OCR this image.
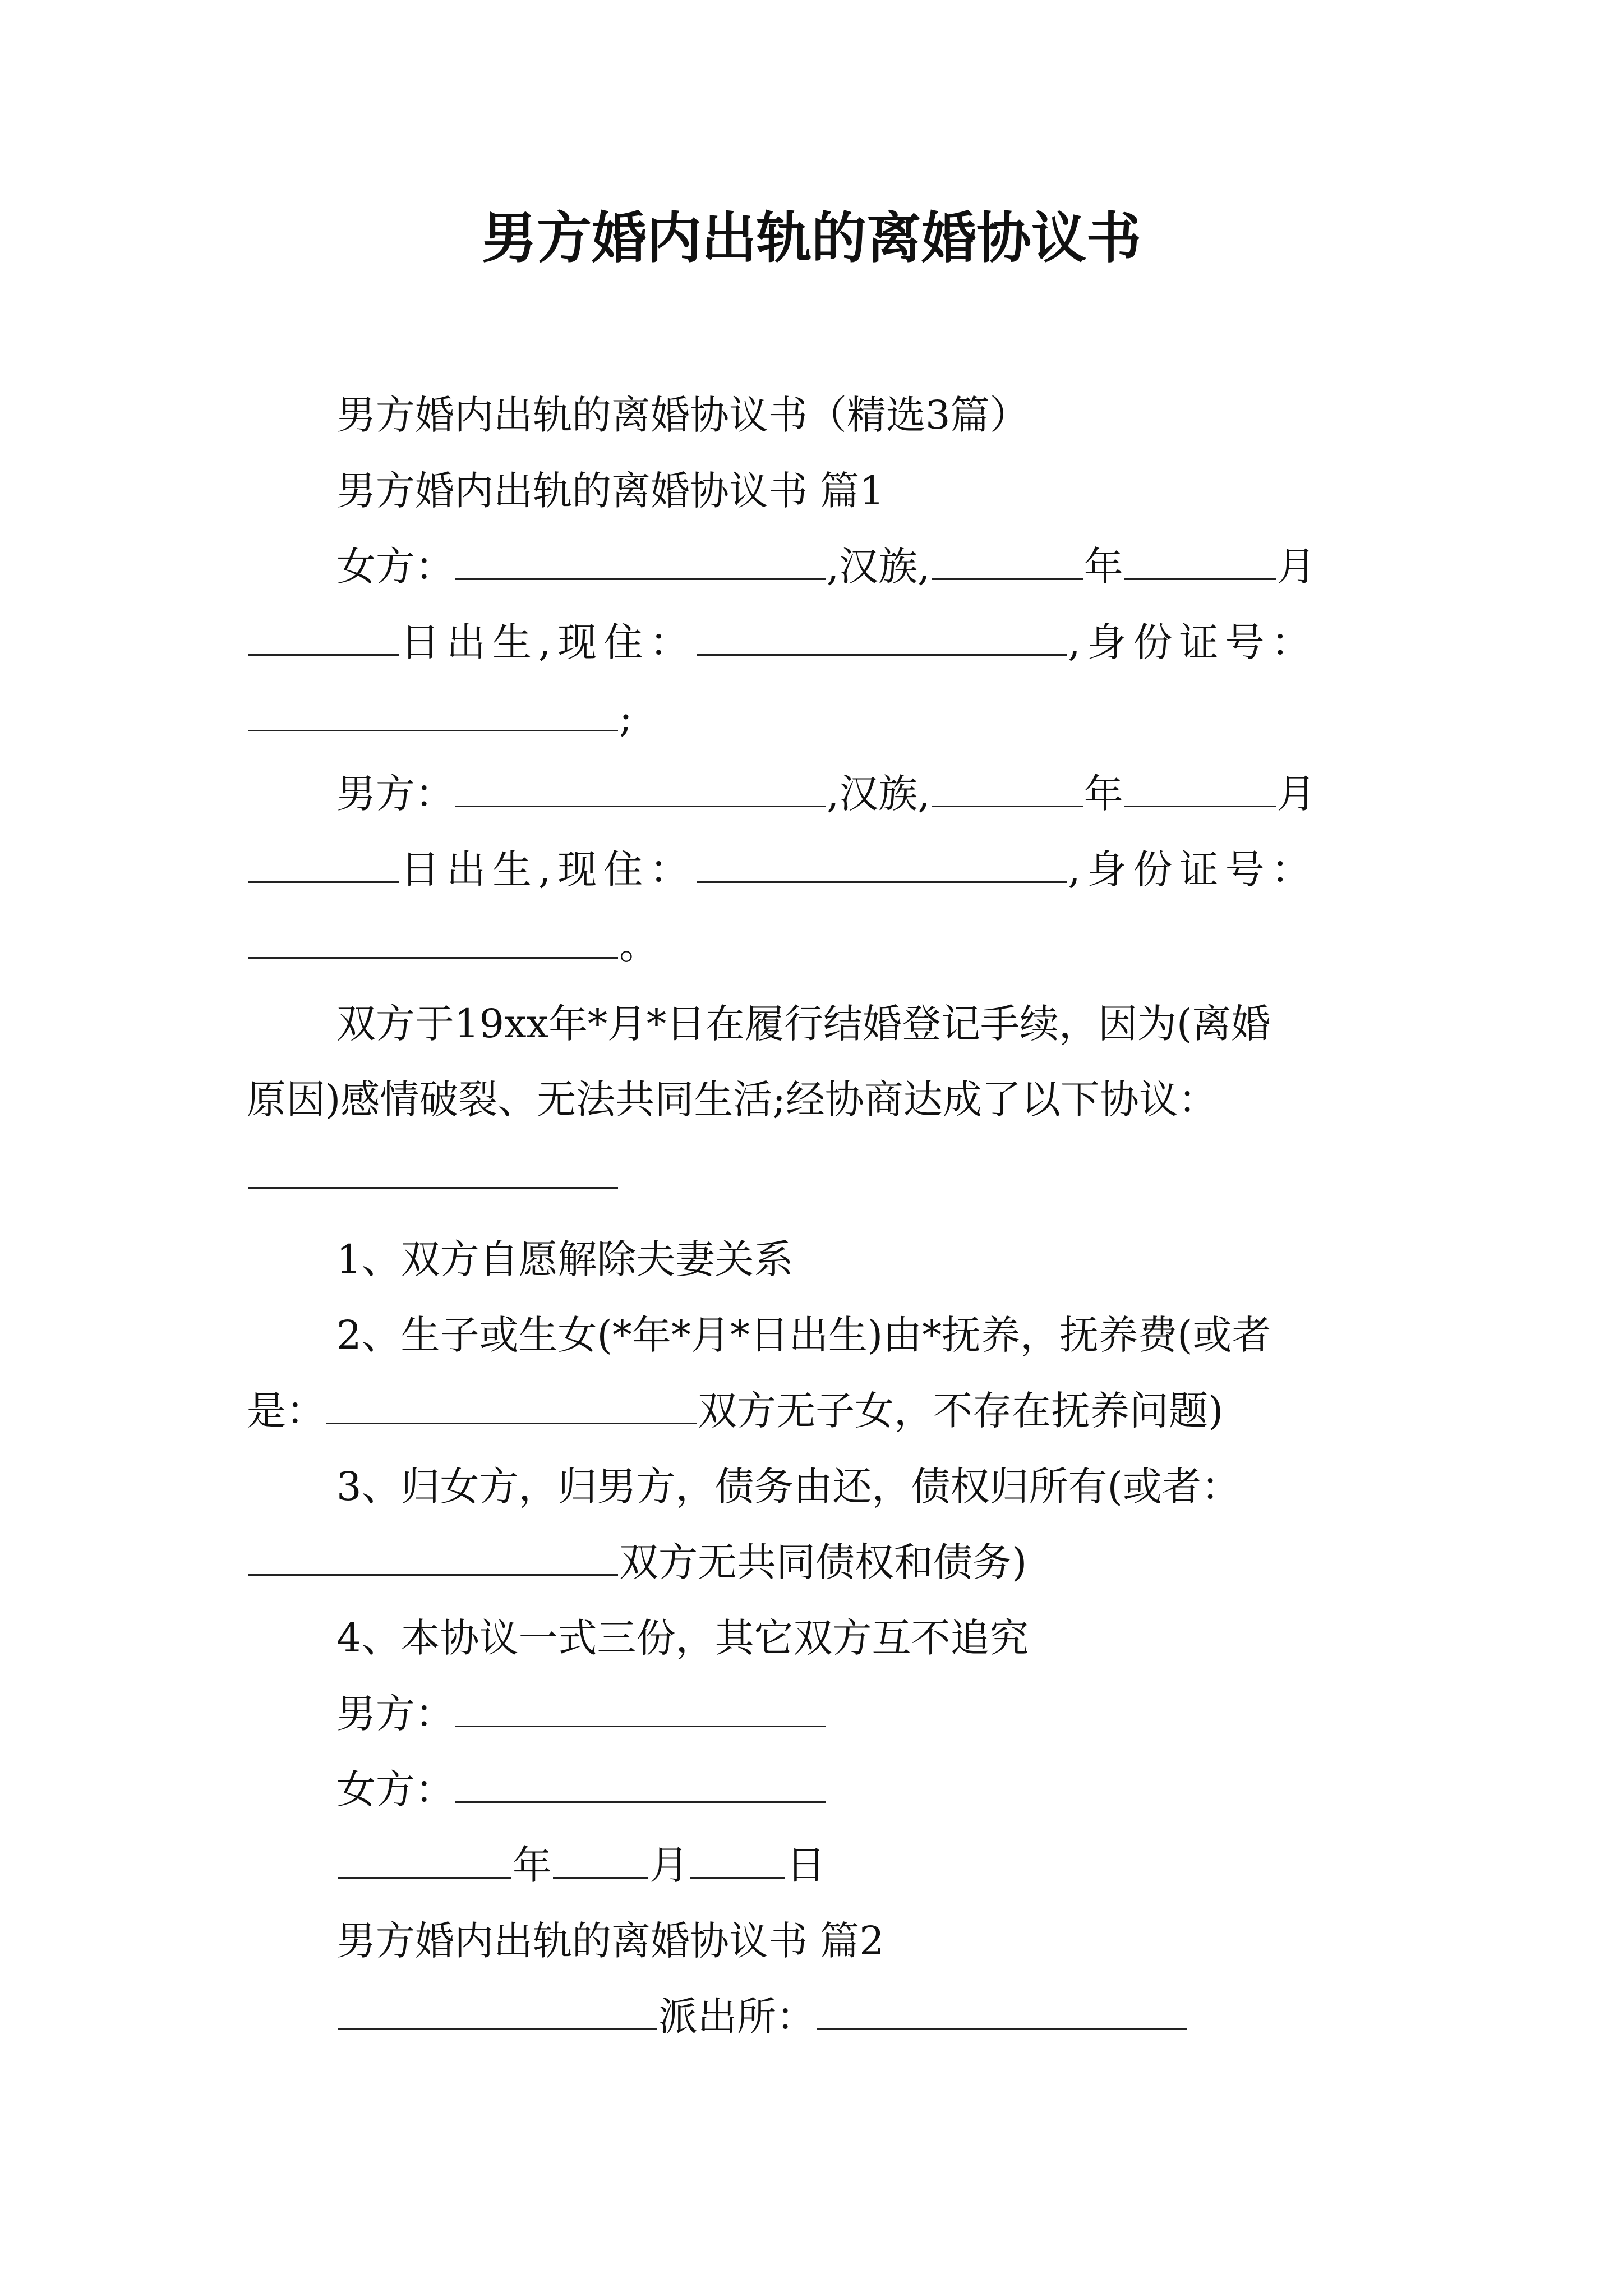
男方婚内出轨的离婚协议书
男方婚内出轨的离婚协议书（精选3篇）
男方婚内出轨的离婚协议书 篇1
女方：	,汉族,	年	月
日出生,现住：	,身份证号：
;
男方：	,汉族,	年	月
日出生,现住：	,身份证号：
。
双方于19xx年*月*日在履行结婚登记手续，因为(离婚
原因)感情破裂、无法共同生活;经协商达成了以下协议：
1、双方自愿解除夫妻关系
2、生子或生女(*年*月*日出生)由*抚养，抚养费(或者
是：	双方无子女，不存在抚养问题)
3、归女方，归男方，债务由还，债权归所有(或者：
双方无共同债权和债务)
4、本协议一式三份，其它双方互不追究
男方：
女方：
年 月 日
男方婚内出轨的离婚协议书 篇2
派出所：
